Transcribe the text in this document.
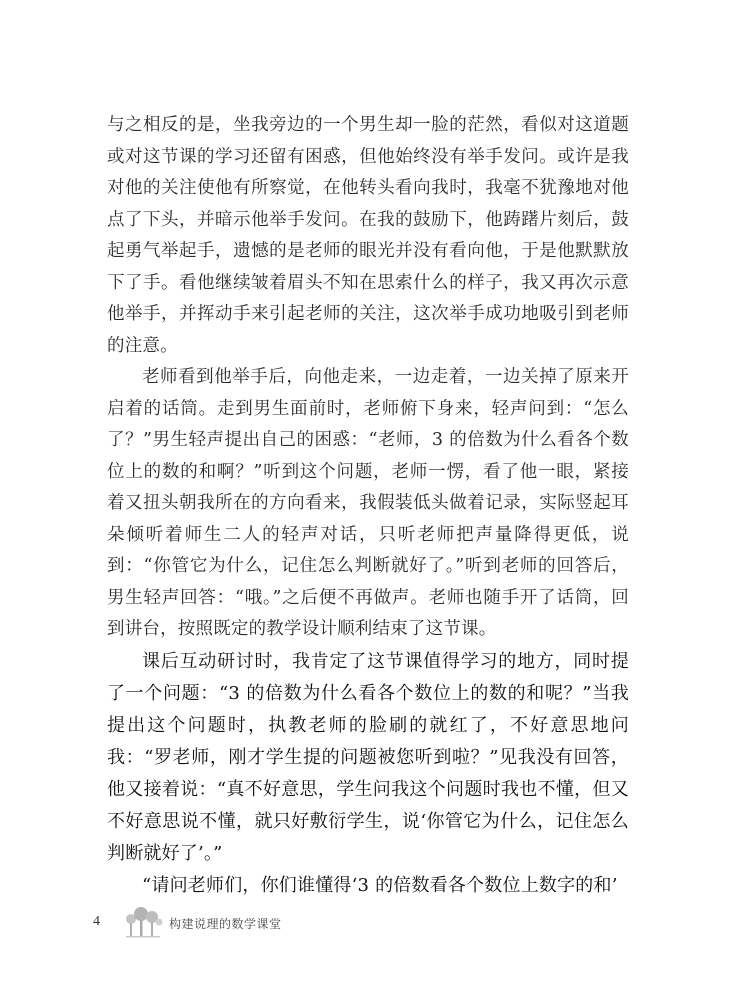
与之相反的是，坐我旁边的一个男生却一脸的茫然，看似对这道题或对这节课的学习还留有困惑，但他始终没有举手发问。或许是我对他的关注使他有所察觉，在他转头看向我时，我毫不犹豫地对他点了下头，并暗示他举手发问。在我的鼓励下，他踌躇片刻后，鼓起勇气举起手，遗憾的是老师的眼光并没有看向他，于是他默默放下了手。看他继续皱着眉头不知在思索什么的样子，我又再次示意他举手，并挥动手来引起老师的关注，这次举手成功地吸引到老师的注意。

老师看到他举手后，向他走来，一边走着，一边关掉了原来开启着的话筒。走到男生面前时，老师俯下身来，轻声问到：“怎么了？”男生轻声提出自己的困惑：“老师，3 的倍数为什么看各个数位上的数的和啊？”听到这个问题，老师一愣，看了他一眼，紧接着又扭头朝我所在的方向看来，我假装低头做着记录，实际竖起耳朵倾听着师生二人的轻声对话，只听老师把声量降得更低，说到：“你管它为什么，记住怎么判断就好了。”听到老师的回答后，男生轻声回答：“哦。”之后便不再做声。老师也随手开了话筒，回到讲台，按照既定的教学设计顺利结束了这节课。

课后互动研讨时，我肯定了这节课值得学习的地方，同时提了一个问题：“3 的倍数为什么看各个数位上的数的和呢？”当我提出这个问题时，执教老师的脸刷的就红了，不好意思地问我：“罗老师，刚才学生提的问题被您听到啦？”见我没有回答，他又接着说：“真不好意思，学生问我这个问题时我也不懂，但又不好意思说不懂，就只好敷衍学生，说‘你管它为什么，记住怎么判断就好了’。”

“请问老师们，你们谁懂得‘3 的倍数看各个数位上数字的和’

4	构建说理的数学课堂
